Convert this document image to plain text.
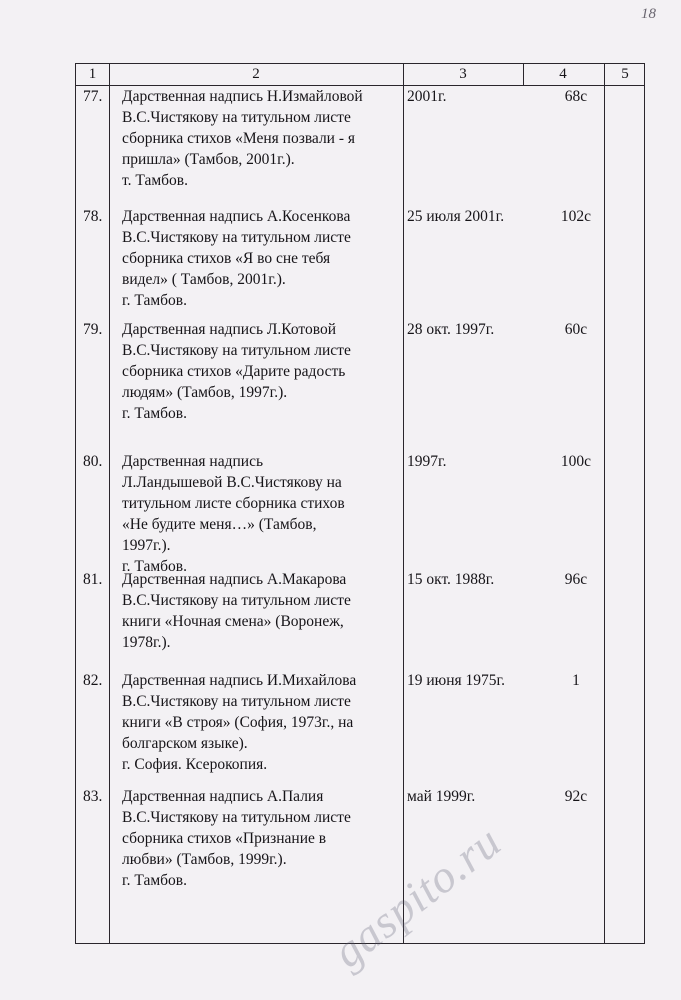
18
1	2	3	4	5
77.	Дарственная надпись Н.Измайловой
В.С.Чистякову на титульном листе
сборника стихов «Меня позвали - я
пришла» (Тамбов, 2001г.).
т. Тамбов.
2001г.	68с
78.	Дарственная надпись А.Косенкова
В.С.Чистякову на титульном листе
сборника стихов «Я во сне тебя
видел» ( Тамбов, 2001г.).
г. Тамбов.
25 июля 2001г.	102с
79.	Дарственная надпись Л.Котовой
В.С.Чистякову на титульном листе
сборника стихов «Дарите радость
людям» (Тамбов, 1997г.).
г. Тамбов.
28 окт. 1997г.	60с
80.	Дарственная надпись
Л.Ландышевой В.С.Чистякову на
титульном листе сборника стихов
«Не будите меня…» (Тамбов,
1997г.).
г. Тамбов.
1997г.	100с
81.	Дарственная надпись А.Макарова
В.С.Чистякову на титульном листе
книги «Ночная смена» (Воронеж,
1978г.).
15 окт. 1988г.	96с
82.	Дарственная надпись И.Михайлова
В.С.Чистякову на титульном листе
книги «В строя» (София, 1973г., на
болгарском языке).
г. София. Ксерокопия.
19 июня 1975г.	1
83.	Дарственная надпись А.Палия
В.С.Чистякову на титульном листе
сборника стихов «Признание в
любви» (Тамбов, 1999г.).
г. Тамбов.
май 1999г.	92с
gaspito.ru
